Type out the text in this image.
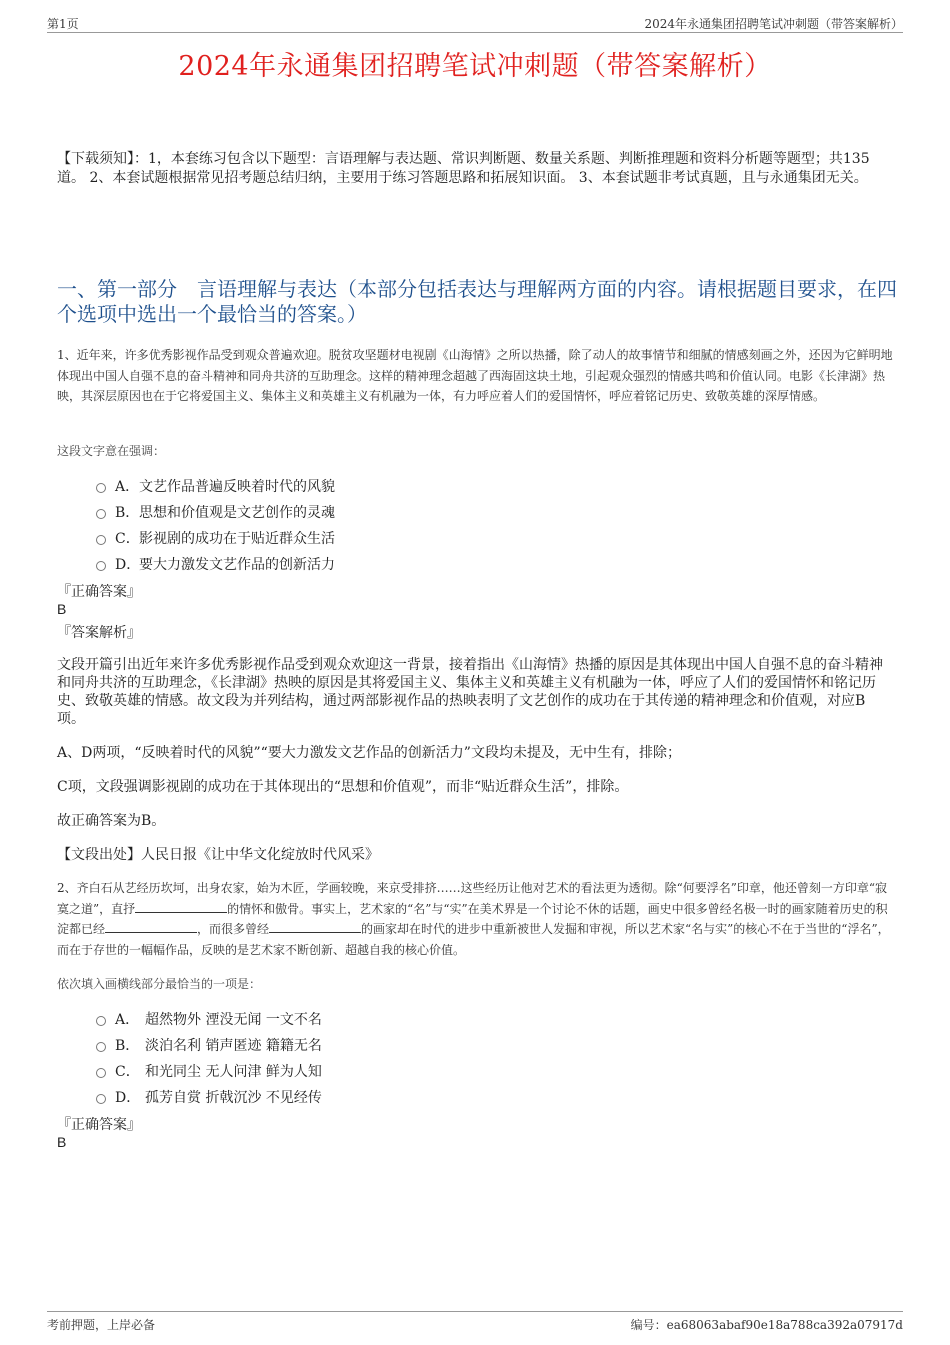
第1页	2024年永通集团招聘笔试冲刺题（带答案解析）
2024年永通集团招聘笔试冲刺题（带答案解析）
【下载须知】：1，本套练习包含以下题型：言语理解与表达题、常识判断题、数量关系题、判断推理题和资料分析题等题型；共135道。 2、本套试题根据常见招考题总结归纳，主要用于练习答题思路和拓展知识面。 3、本套试题非考试真题，且与永通集团无关。
一、第一部分　言语理解与表达（本部分包括表达与理解两方面的内容。请根据题目要求，在四个选项中选出一个最恰当的答案。）
1、近年来，许多优秀影视作品受到观众普遍欢迎。脱贫攻坚题材电视剧《山海情》之所以热播，除了动人的故事情节和细腻的情感刻画之外，还因为它鲜明地体现出中国人自强不息的奋斗精神和同舟共济的互助理念。这样的精神理念超越了西海固这块土地，引起观众强烈的情感共鸣和价值认同。电影《长津湖》热映，其深层原因也在于它将爱国主义、集体主义和英雄主义有机融为一体，有力呼应着人们的爱国情怀，呼应着铭记历史、致敬英雄的深厚情感。
这段文字意在强调：
A． 文艺作品普遍反映着时代的风貌
B． 思想和价值观是文艺创作的灵魂
C． 影视剧的成功在于贴近群众生活
D．
要大力激发文艺作品的创新活力
『正确答案』
B
『答案解析』
文段开篇引出近年来许多优秀影视作品受到观众欢迎这一背景，接着指出《山海情》热播的原因是其体现出中国人自强不息的奋斗精神和同舟共济的互助理念，《长津湖》热映的原因是其将爱国主义、集体主义和英雄主义有机融为一体，呼应了人们的爱国情怀和铭记历史、致敬英雄的情感。故文段为并列结构，通过两部影视作品的热映表明了文艺创作的成功在于其传递的精神理念和价值观，对应B项。
A、D两项，“反映着时代的风貌”“要大力激发文艺作品的创新活力”文段均未提及，无中生有，排除；
C项，文段强调影视剧的成功在于其体现出的“思想和价值观”，而非“贴近群众生活”，排除。
故正确答案为B。
【文段出处】人民日报《让中华文化绽放时代风采》
2、齐白石从艺经历坎坷，出身农家，始为木匠，学画较晚，来京受排挤……这些经历让他对艺术的看法更为透彻。除“何要浮名”印章，他还曾刻一方印章“寂寞之道”，直抒	的情怀和傲骨。事实上，艺术家的“名”与“实”在美术界是一个讨论不休的话题，画史中很多曾经名极一时的画家随着历史的积淀都已经	，而很多曾经	的画家却在时代的进步中重新被世人发掘和审视，所以艺术家“名与实”的核心不在于当世的“浮名”，而在于存世的一幅幅作品，反映的是艺术家不断创新、超越自我的核心价值。
依次填入画横线部分最恰当的一项是：
A． 超然物外 湮没无闻 一文不名
B． 淡泊名利 销声匿迹 籍籍无名
C． 和光同尘 无人问津 鲜为人知
D． 孤芳自赏 折戟沉沙 不见经传
『正确答案』
B
考前押题，上岸必备	编号：ea68063abaf90e18a788ca392a07917d
